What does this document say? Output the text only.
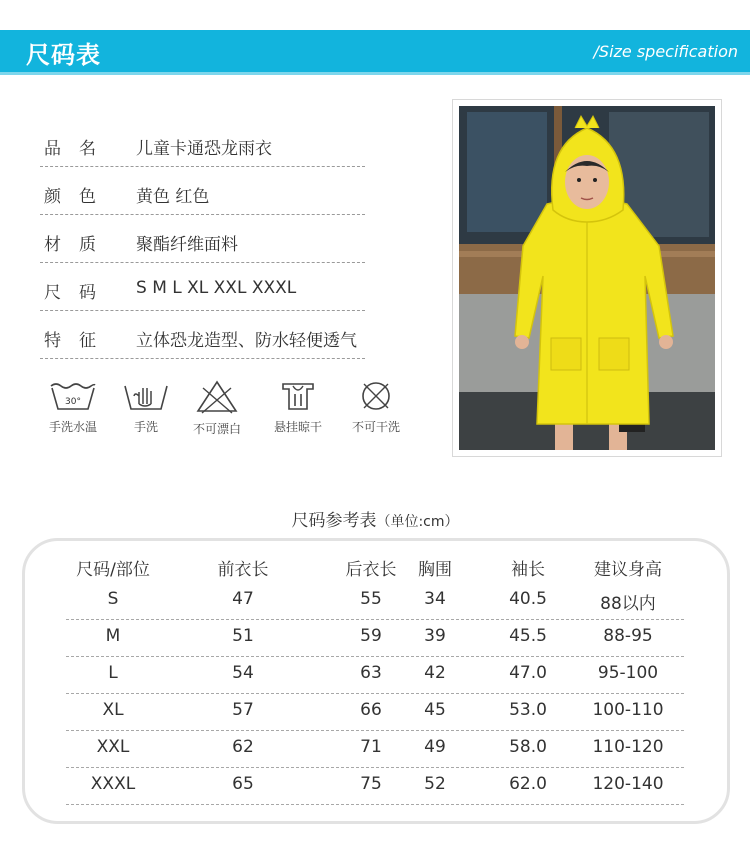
尺码表	/Size specification
品名 儿童卡通恐龙雨衣
颜色 黄色 红色
材质 聚酯纤维面料
尺码 S M L XL XXL XXXL
特征 立体恐龙造型、防水轻便透气
30°
手洗水温	手洗	不可漂白	悬挂晾干	不可干洗
尺码参考表（单位:cm）
尺码/部位	前衣长	后衣长 胸围	袖长	建议身高
S	47	55 34	40.5	88以内
M	51	59 39	45.5	88-95
L	54	63 42	47.0	95-100
XL	57	66 45	53.0	100-110
XXL	62	71 49	58.0	110-120
XXXL	65	75 52	62.0	120-140
